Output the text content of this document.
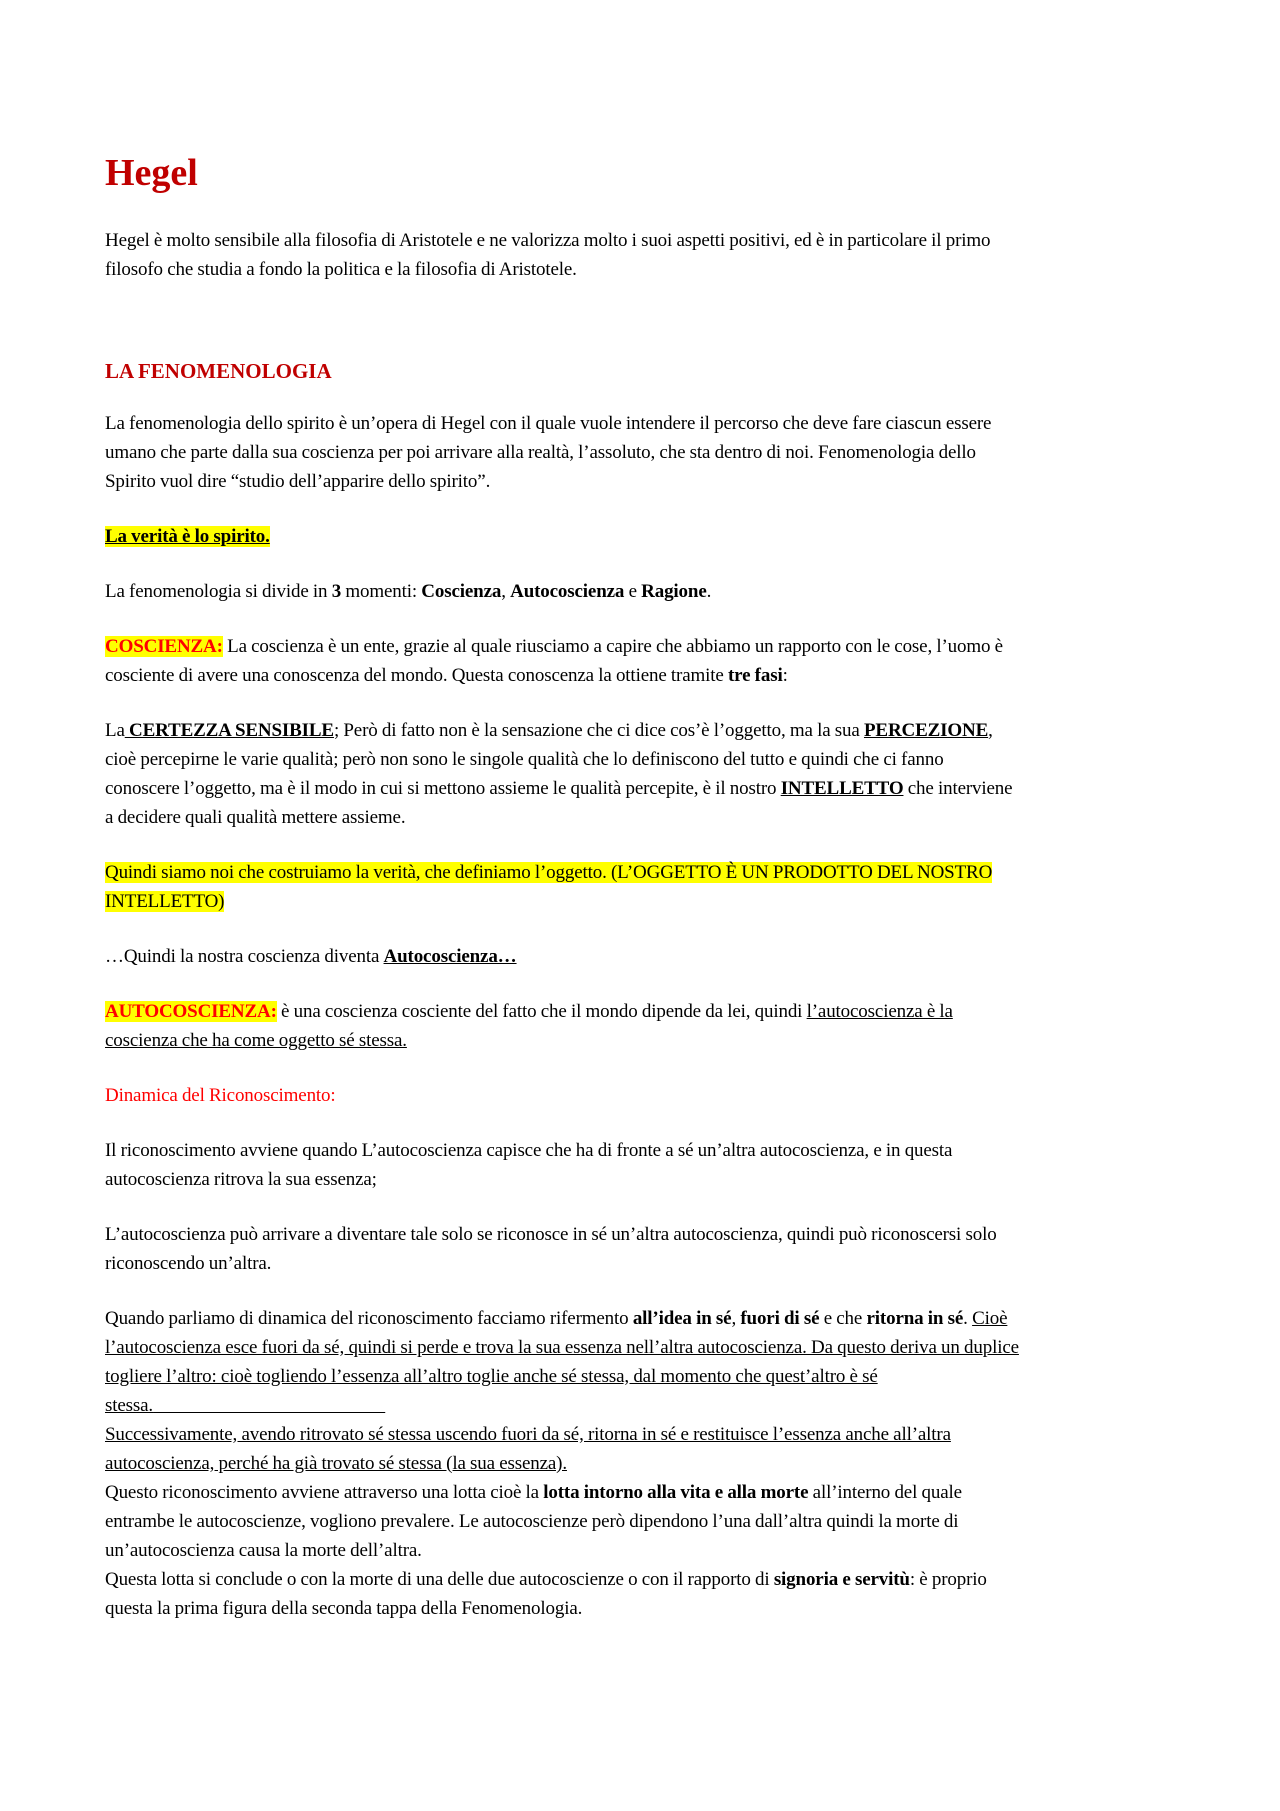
Hegel

Hegel è molto sensibile alla filosofia di Aristotele e ne valorizza molto i suoi aspetti positivi, ed è in particolare il primo filosofo che studia a fondo la politica e la filosofia di Aristotele.

LA FENOMENOLOGIA

La fenomenologia dello spirito è un’opera di Hegel con il quale vuole intendere il percorso che deve fare ciascun essere umano che parte dalla sua coscienza per poi arrivare alla realtà, l’assoluto, che sta dentro di noi. Fenomenologia dello Spirito vuol dire “studio dell’apparire dello spirito”.

La verità è lo spirito.

La fenomenologia si divide in 3 momenti: Coscienza, Autocoscienza e Ragione.

COSCIENZA: La coscienza è un ente, grazie al quale riusciamo a capire che abbiamo un rapporto con le cose, l’uomo è cosciente di avere una conoscenza del mondo. Questa conoscenza la ottiene tramite tre fasi:

La CERTEZZA SENSIBILE; Però di fatto non è la sensazione che ci dice cos’è l’oggetto, ma la sua PERCEZIONE, cioè percepirne le varie qualità; però non sono le singole qualità che lo definiscono del tutto e quindi che ci fanno conoscere l’oggetto, ma è il modo in cui si mettono assieme le qualità percepite, è il nostro INTELLETTO che interviene a decidere quali qualità mettere assieme.

Quindi siamo noi che costruiamo la verità, che definiamo l’oggetto. (L’OGGETTO È UN PRODOTTO DEL NOSTRO INTELLETTO)

…Quindi la nostra coscienza diventa Autocoscienza…

AUTOCOSCIENZA: è una coscienza cosciente del fatto che il mondo dipende da lei, quindi l’autocoscienza è la coscienza che ha come oggetto sé stessa.

Dinamica del Riconoscimento:

Il riconoscimento avviene quando L’autocoscienza capisce che ha di fronte a sé un’altra autocoscienza, e in questa autocoscienza ritrova la sua essenza;

L’autocoscienza può arrivare a diventare tale solo se riconosce in sé un’altra autocoscienza, quindi può riconoscersi solo riconoscendo un’altra.

Quando parliamo di dinamica del riconoscimento facciamo rifermento all’idea in sé, fuori di sé e che ritorna in sé. Cioè l’autocoscienza esce fuori da sé, quindi si perde e trova la sua essenza nell’altra autocoscienza. Da questo deriva un duplice togliere l’altro: cioè togliendo l’essenza all’altro toglie anche sé stessa, dal momento che quest’altro è sé stessa.
Successivamente, avendo ritrovato sé stessa uscendo fuori da sé, ritorna in sé e restituisce l’essenza anche all’altra autocoscienza, perché ha già trovato sé stessa (la sua essenza).
Questo riconoscimento avviene attraverso una lotta cioè la lotta intorno alla vita e alla morte all’interno del quale entrambe le autocoscienze, vogliono prevalere. Le autocoscienze però dipendono l’una dall’altra quindi la morte di un’autocoscienza causa la morte dell’altra.
Questa lotta si conclude o con la morte di una delle due autocoscienze o con il rapporto di signoria e servitù: è proprio questa la prima figura della seconda tappa della Fenomenologia.
